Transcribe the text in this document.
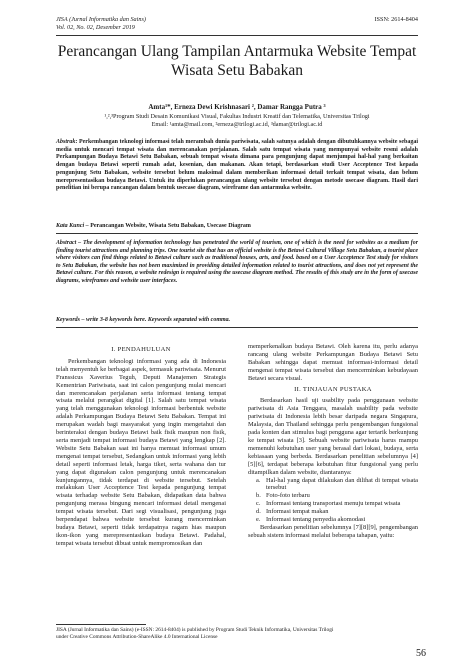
JISA (Jurnal Informatika dan Sains)
Vol. 02, No. 02, Desember 2019
ISSN: 2614-8404
Perancangan Ulang Tampilan Antarmuka Website Tempat Wisata Setu Babakan
Amta¹*, Erneza Dewi Krishnasari ², Damar Rangga Putra ³
¹,²,³Program Studi Desain Komunikasi Visual, Fakultas Industri Kreatif dan Telematika, Universitas Trilogi
Email: ¹amta@mail.com, ²erneza@trilogi.ac.id, ³damar@trilogi.ac.id
Abstrak: Perkembangan teknologi informasi telah merambah dunia pariwisata, salah satunya adalah dengan dibutuhkannya website sebagai media untuk mencari tempat wisata dan merencanakan perjalanan. Salah satu tempat wisata yang mempunyai website resmi adalah Perkampungan Budaya Betawi Setu Babakan, sebuah tempat wisata dimana para pengunjung dapat menjumpai hal-hal yang berkaitan dengan budaya Betawi seperti rumah adat, kesenian, dan makanan. Akan tetapi, berdasarkan studi User Acceptence Test kepada pengunjung Setu Babakan, website tersebut belum maksimal dalam memberikan informasi detail terkait tempat wisata, dan belum merepresentasikan budaya Betawi. Untuk itu diperlukan perancangan ulang website tersebut dengan metode usecase diagram. Hasil dari penelitian ini berupa rancangan dalam bentuk usecase diagram, wireframe dan antarmuka website.
Kata Kunci – Perancangan Website, Wisata Setu Babakan, Usecase Diagram
Abstract – The development of information technology has penetrated the world of tourism, one of which is the need for websites as a medium for finding tourist attractions and planning trips. One tourist site that has an official website is the Betawi Cultural Village Setu Babakan, a tourist place where visitors can find things related to Betawi culture such as traditional houses, arts, and food. based on a User Acceptence Test study for visitors to Setu Babakan, the website has not been maximized in providing detailed information related to tourist attractions, and does not yet represent the Betawi culture. For this reason, a website redesign is required using the usecase diagram method. The results of this study are in the form of usecase diagrams, wireframes and website user interfaces.
Keywords – write 3-8 keywords here. Keywords separated with comma.
I. PENDAHULUAN

Perkembangan teknologi informasi yang ada di Indonesia telah menyentuh ke berbagai aspek, termasuk pariwisata. Menurut Franssicus Xaverius Teguh, Deputi Manajemen Strategis Kementrian Pariwisata, saat ini calon pengunjung mulai mencari dan merencanakan perjalanan serta informasi tentang tempat wisata melalui perangkat digital [1]. Salah satu tempat wisata yang telah menggunakan teknologi informasi berbentuk website adalah Perkampungan Budaya Betawi Setu Babakan. Tempat ini merupakan wadah bagi masyarakat yang ingin mengetahui dan berinteraksi dengan budaya Betawi baik fisik maupun non fisik, serta menjadi tempat informasi budaya Betawi yang lengkap [2]. Website Setu Babakan saat ini hanya memuat informasi umum mengenai tempat tersebut, Sedangkan untuk informasi yang lebih detail seperti informasi letak, harga tiket, serta wahana dan tur yang dapat digunakan calon pengunjung untuk merencanakan kunjungannya, tidak terdapat di website tersebut. Setelah melakukan User Acceptence Test kepada pengunjung tempat wisata terhadap website Setu Babakan, didapatkan data bahwa pengunjung merasa bingung mencari informasi detail mengenai tempat wisata tersebut. Dari segi visualisasi, pengunjung juga berpendapat bahwa website tersebut kurang mencerminkan budaya Betawi, seperti tidak terdapatnya ragam hias maupun ikon-ikon yang merepresentasikan budaya Betawi. Padahal, tempat wisata tersebut dibuat untuk mempromosikan dan

memperkenalkan budaya Betawi. Oleh karena itu, perlu adanya rancang ulang website Perkampungan Budaya Betawi Setu Babakan sehingga dapat memuat informasi-informasi detail mengenai tempat wisata tersebut dan mencerminkan kebudayaan Betawi secara visual.

II. TINJAUAN PUSTAKA

Berdasarkan hasil uji usability pada penggunaan website pariwisata di Asia Tenggara, masalah usability pada website pariwisata di Indonesia lebih besar daripada negara Singapura, Malaysia, dan Thailand sehingga perlu pengembangan fungsional pada konten dan stimulus bagi pengguna agar tertarik berkunjung ke tempat wisata [3]. Sebuah website pariwisata harus mampu memenuhi kebutuhan user yang berasal dari lokasi, budaya, serta kebiasaan yang berbeda. Berdasarkan penelitian sebelumnya [4][5][6], terdapat beberapa kebutuhan fitur fungsional yang perlu ditampilkan dalam website, diantaranya:

a. Hal-hal yang dapat dilakukan dan dilihat di tempat wisata tersebut
b. Foto-foto terbaru
c. Informasi tentang transportasi menuju tempat wisata
d. Informasi tempat makan
e. Informasi tentang penyedia akomodasi

Berdasarkan penelitian sebelumnya [7][8][9], pengembangan sebuah sistem informasi melalui beberapa tahapan, yaitu:

JISA (Jurnal Informatika dan Sains) (e-ISSN: 2614-8404) is published by Program Studi Teknik Informatika, Universitas Trilogi
under Creative Commons Attribution-ShareAlike 4.0 International License
56
